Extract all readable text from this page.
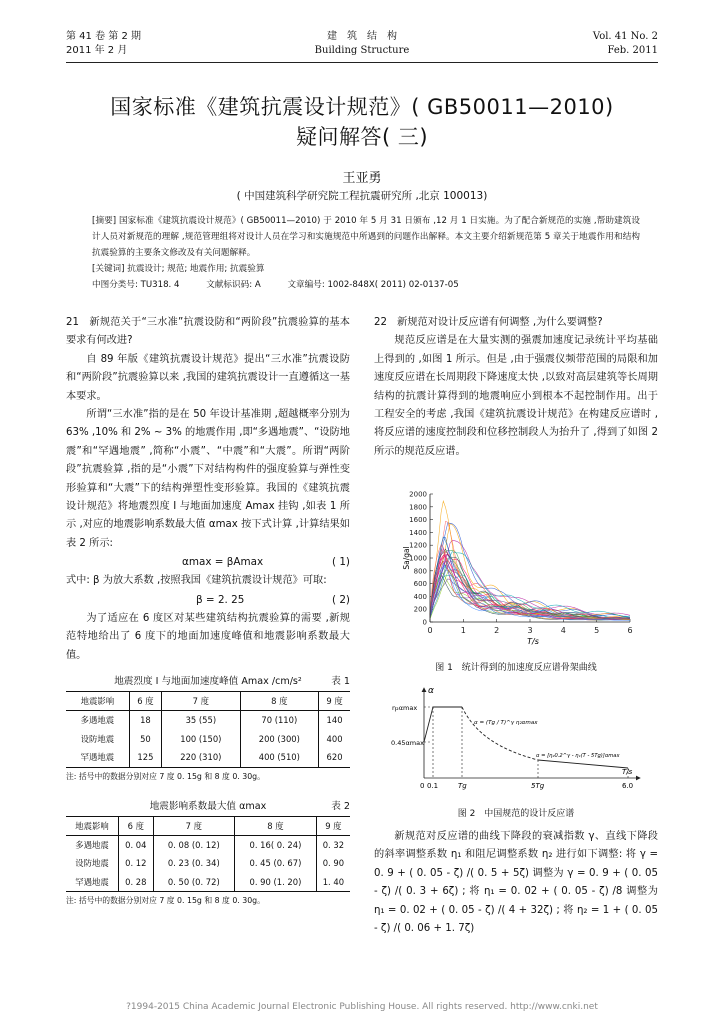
第 41 卷 第 2 期
2011 年 2 月
建　筑　结　构
Building Structure
Vol. 41 No. 2
Feb. 2011
国家标准《建筑抗震设计规范》( GB50011—2010)
疑问解答( 三)
王亚勇
( 中国建筑科学研究院工程抗震研究所 ,北京 100013)
[摘要] 国家标准《建筑抗震设计规范》( GB50011—2010) 于 2010 年 5 月 31 日颁布 ,12 月 1 日实施。为了配合新规范的实施 ,帮助建筑设计人员对新规范的理解 ,规范管理组将对设计人员在学习和实施规范中所遇到的问题作出解释。本文主要介绍新规范第 5 章关于地震作用和结构抗震验算的主要条文修改及有关问题解释。
[关键词] 抗震设计; 规范; 地震作用; 抗震验算
中图分类号: TU318. 4	文献标识码: A	文章编号: 1002-848X( 2011) 02-0137-05

21　新规范关于“三水准”抗震设防和“两阶段”抗震验算的基本要求有何改进?

自 89 年版《建筑抗震设计规范》提出“三水准”抗震设防和“两阶段”抗震验算以来 ,我国的建筑抗震设计一直遵循这一基本要求。

所谓“三水准”指的是在 50 年设计基准期 ,超越概率分别为 63% ,10% 和 2% ~ 3% 的地震作用 ,即“多遇地震”、“设防地震”和“罕遇地震” ,简称“小震”、“中震”和“大震”。所谓“两阶段”抗震验算 ,指的是“小震”下对结构构件的强度验算与弹性变形验算和“大震”下的结构弹塑性变形验算。我国的《建筑抗震设计规范》将地震烈度 I 与地面加速度 Amax 挂钩 ,如表 1 所示 ,对应的地震影响系数最大值 αmax 按下式计算 ,计算结果如表 2 所示:

αmax = βAmax	( 1)

式中: β 为放大系数 ,按照我国《建筑抗震设计规范》可取:

β = 2. 25	( 2)

为了适应在 6 度区对某些建筑结构抗震验算的需要 ,新规范特地给出了 6 度下的地面加速度峰值和地震影响系数最大值。

地震烈度 I 与地面加速度峰值 Amax /cm/s²	表 1
地震影响	6 度	7 度	8 度	9 度
多遇地震	18	35 (55)	70 (110)	140
设防地震	50	100 (150)	200 (300)	400
罕遇地震	125	220 (310)	400 (510)	620
注: 括号中的数据分别对应 7 度 0. 15g 和 8 度 0. 30g。
地震影响系数最大值 αmax	表 2
地震影响	6 度	7 度	8 度	9 度
多遇地震	0. 04	0. 08 (0. 12)	0. 16( 0. 24)	0. 32
设防地震	0. 12	0. 23 (0. 34)	0. 45 (0. 67)	0. 90
罕遇地震	0. 28	0. 50 (0. 72)	0. 90 (1. 20)	1. 40
注: 括号中的数据分别对应 7 度 0. 15g 和 8 度 0. 30g。

22　新规范对设计反应谱有何调整 ,为什么要调整?

规范反应谱是在大量实测的强震加速度记录统计平均基础上得到的 ,如图 1 所示。但是 ,由于强震仪频带范围的局限和加速度反应谱在长周期段下降速度太快 ,以致对高层建筑等长周期结构的抗震计算得到的地震响应小到根本不起控制作用。出于工程安全的考虑 ,我国《建筑抗震设计规范》在构建反应谱时 ,将反应谱的速度控制段和位移控制段人为抬升了 ,得到了如图 2 所示的规范反应谱。

0
200
400
600
800
1000
1200
1400
1600
1800
2000
0	1	2	3	4	5	6
Sa/gal
T/s
图 1　统计得到的加速度反应谱骨架曲线
α
η₂αmax
0.45αmax
0 0.1	Tg	5Tg	6.0
T/s
α = (Tg / T)^γ η₂αmax
α = [η₂0.2^γ - η₁(T - 5Tg)]αmax
图 2　中国规范的设计反应谱

新规范对反应谱的曲线下降段的衰减指数 γ、直线下降段的斜率调整系数 η₁ 和阻尼调整系数 η₂ 进行如下调整: 将 γ = 0. 9 + ( 0. 05 - ζ) /( 0. 5 + 5ζ) 调整为 γ = 0. 9 + ( 0. 05 - ζ) /( 0. 3 + 6ζ) ; 将 η₁ = 0. 02 + ( 0. 05 - ζ) /8 调整为 η₁ = 0. 02 + ( 0. 05 - ζ) /( 4 + 32ζ) ; 将 η₂ = 1 + ( 0. 05 - ζ) /( 0. 06 + 1. 7ζ)

?1994-2015 China Academic Journal Electronic Publishing House. All rights reserved. http://www.cnki.net
